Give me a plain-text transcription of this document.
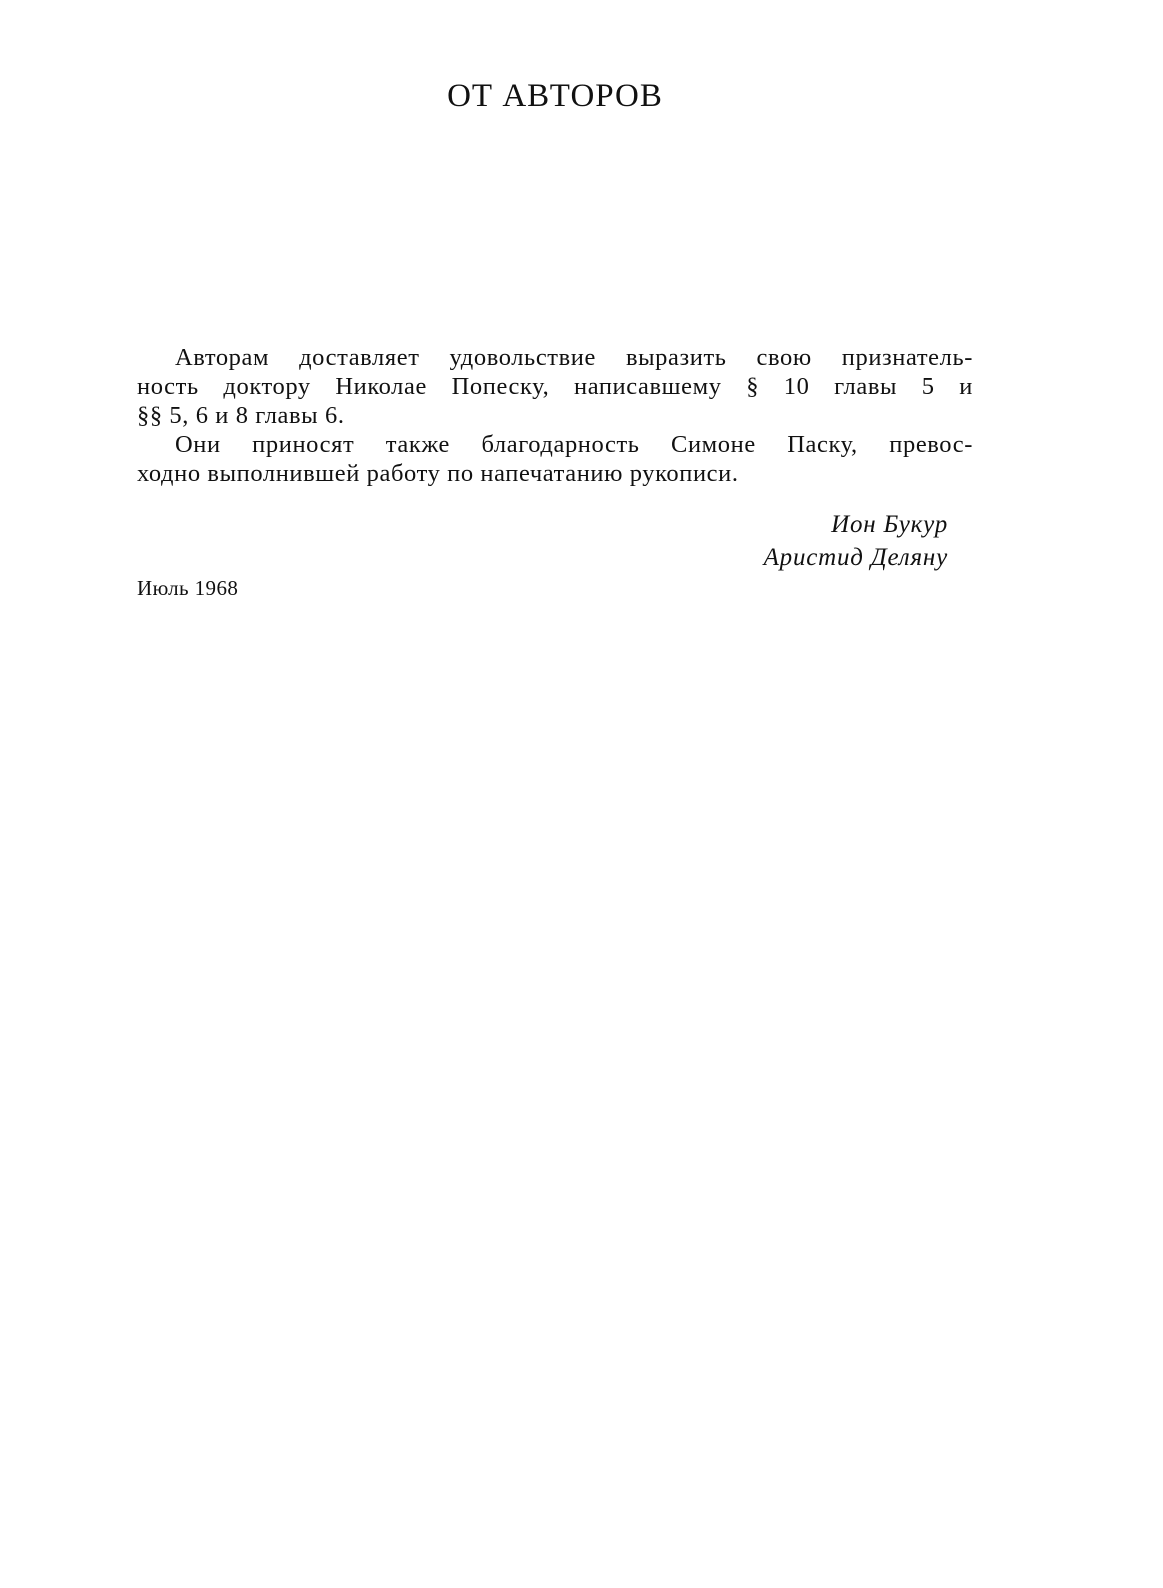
ОТ АВТОРОВ

Авторам доставляет удовольствие выразить свою признатель-
ность доктору Николае Попеску, написавшему § 10 главы 5 и
§§ 5, 6 и 8 главы 6.

Они приносят также благодарность Симоне Паску, превос-
ходно выполнившей работу по напечатанию рукописи.

Ион Букур
Аристид Деляну
Июль 1968
